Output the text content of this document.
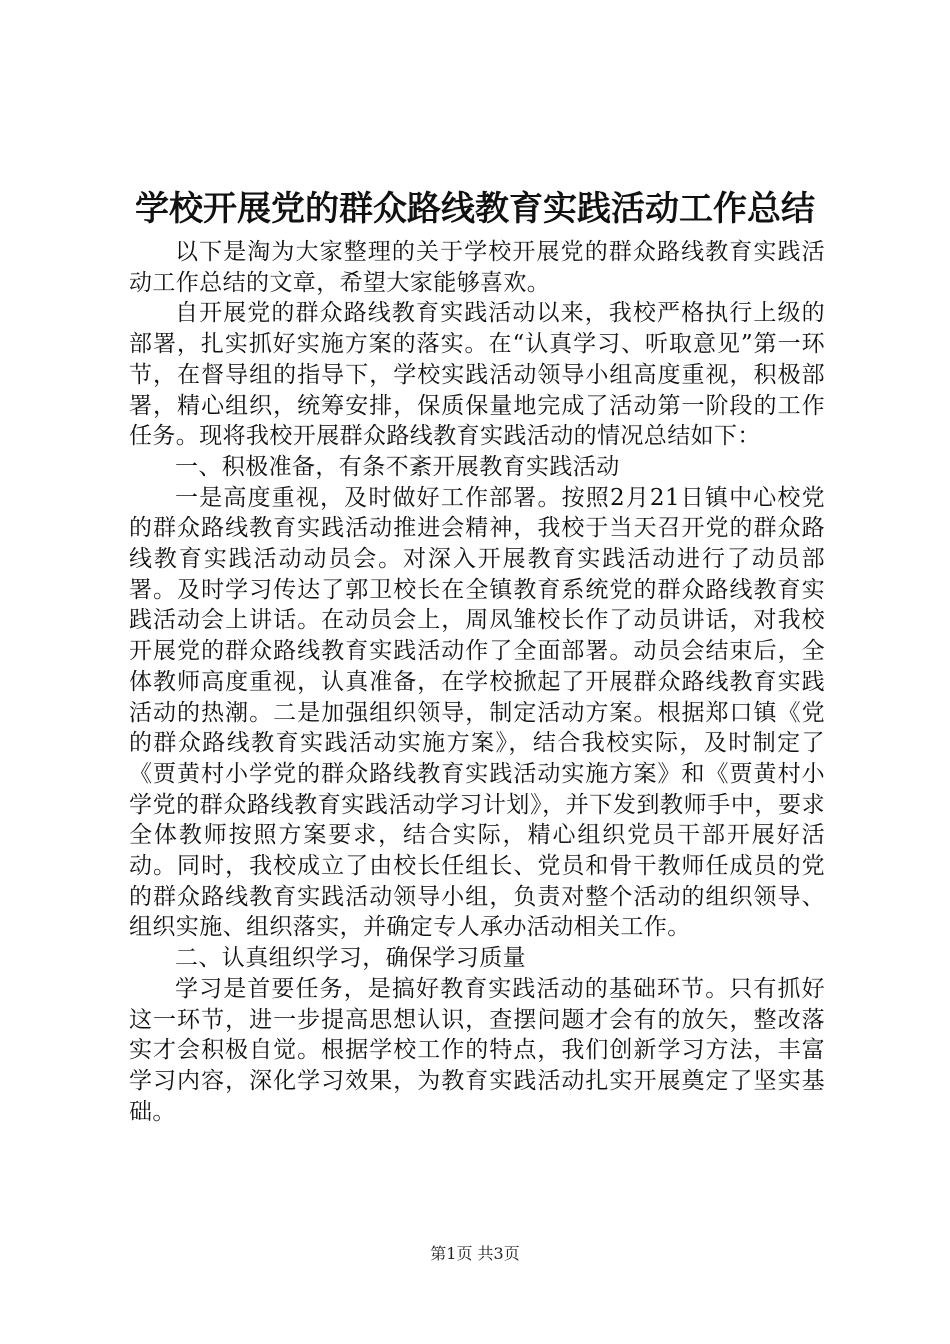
学校开展党的群众路线教育实践活动工作总结

以下是淘为大家整理的关于学校开展党的群众路线教育实践活动工作总结的文章，希望大家能够喜欢。

自开展党的群众路线教育实践活动以来，我校严格执行上级的部署，扎实抓好实施方案的落实。在“认真学习、听取意见”第一环节，在督导组的指导下，学校实践活动领导小组高度重视，积极部署，精心组织，统筹安排，保质保量地完成了活动第一阶段的工作任务。现将我校开展群众路线教育实践活动的情况总结如下：

一、积极准备，有条不紊开展教育实践活动

一是高度重视，及时做好工作部署。按照2月21日镇中心校党的群众路线教育实践活动推进会精神，我校于当天召开党的群众路线教育实践活动动员会。对深入开展教育实践活动进行了动员部署。及时学习传达了郭卫校长在全镇教育系统党的群众路线教育实践活动会上讲话。在动员会上，周凤雏校长作了动员讲话，对我校开展党的群众路线教育实践活动作了全面部署。动员会结束后，全体教师高度重视，认真准备，在学校掀起了开展群众路线教育实践活动的热潮。二是加强组织领导，制定活动方案。根据郑口镇《党的群众路线教育实践活动实施方案》，结合我校实际，及时制定了《贾黄村小学党的群众路线教育实践活动实施方案》和《贾黄村小学党的群众路线教育实践活动学习计划》，并下发到教师手中，要求全体教师按照方案要求，结合实际，精心组织党员干部开展好活动。同时，我校成立了由校长任组长、党员和骨干教师任成员的党的群众路线教育实践活动领导小组，负责对整个活动的组织领导、组织实施、组织落实，并确定专人承办活动相关工作。

二、认真组织学习，确保学习质量

学习是首要任务，是搞好教育实践活动的基础环节。只有抓好这一环节，进一步提高思想认识，查摆问题才会有的放矢，整改落实才会积极自觉。根据学校工作的特点，我们创新学习方法，丰富学习内容，深化学习效果，为教育实践活动扎实开展奠定了坚实基础。

第1页 共3页
